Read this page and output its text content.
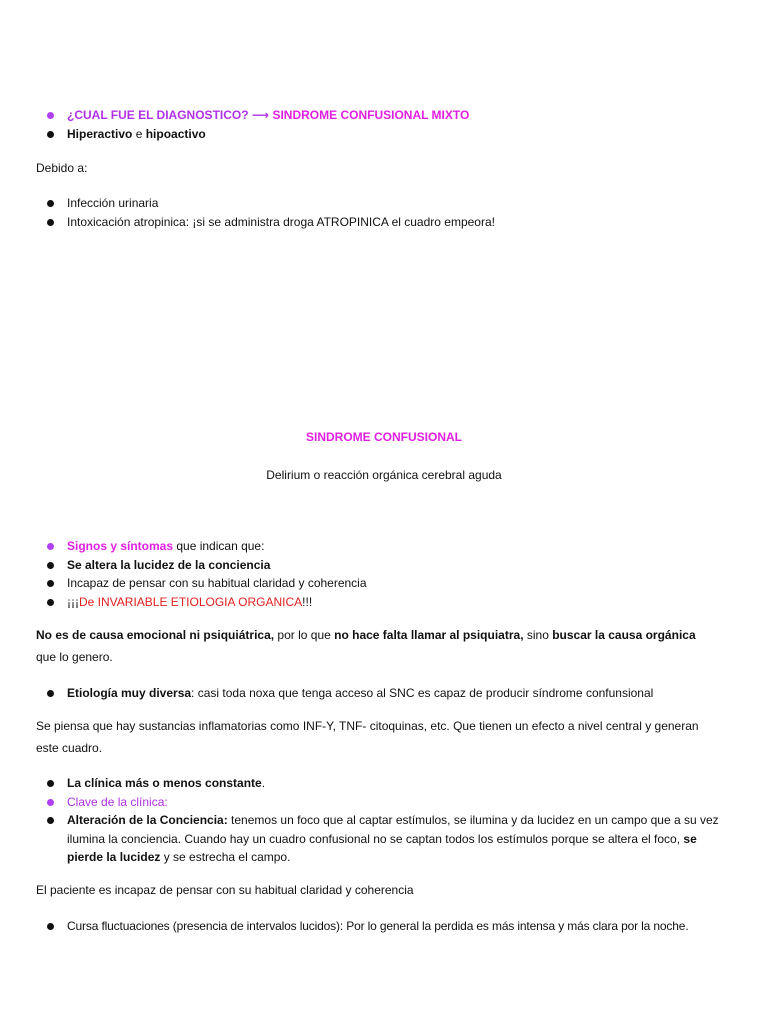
¿CUAL FUE EL DIAGNOSTICO? ⟶ SINDROME CONFUSIONAL MIXTO
Hiperactivo e hipoactivo
Debido a:
Infección urinaria
Intoxicación atropinica: ¡si se administra droga ATROPINICA el cuadro empeora!
SINDROME CONFUSIONAL
Delirium o reacción orgánica cerebral aguda
Signos y síntomas que indican que:
Se altera la lucidez de la conciencia
Incapaz de pensar con su habitual claridad y coherencia
¡¡¡De INVARIABLE ETIOLOGIA ORGANICA!!!
No es de causa emocional ni psiquiátrica, por lo que no hace falta llamar al psiquiatra, sino buscar la causa orgánica
que lo genero.
Etiología muy diversa: casi toda noxa que tenga acceso al SNC es capaz de producir síndrome confunsional
Se piensa que hay sustancias inflamatorias como INF-Y, TNF- citoquinas, etc. Que tienen un efecto a nivel central y generan
este cuadro.
La clínica más o menos constante.
Clave de la clínica:
Alteración de la Conciencia: tenemos un foco que al captar estímulos, se ilumina y da lucidez en un campo que a su vez ilumina la conciencia. Cuando hay un cuadro confusional no se captan todos los estímulos porque se altera el foco, se pierde la lucidez y se estrecha el campo.
El paciente es incapaz de pensar con su habitual claridad y coherencia
Cursa fluctuaciones (presencia de intervalos lucidos): Por lo general la perdida es más intensa y más clara por la noche.
